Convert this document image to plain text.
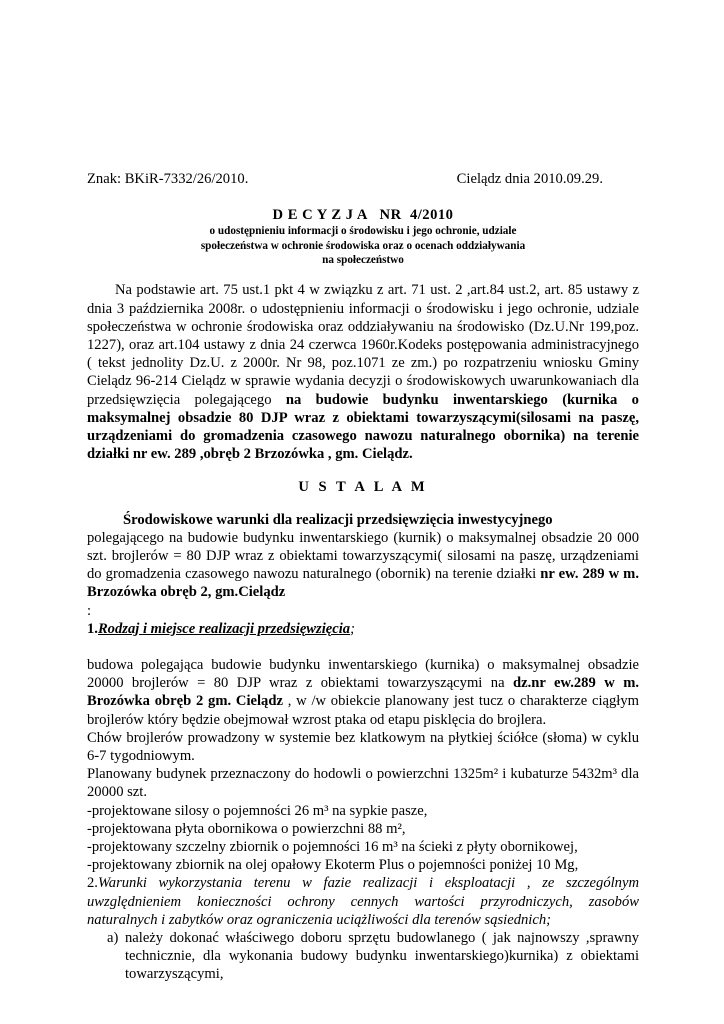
Znak: BKiR-7332/26/2010.	Cielądz dnia 2010.09.29.
D E C Y Z J A   NR  4/2010
o udostępnieniu informacji o środowisku i jego ochronie, udziale
społeczeństwa w ochronie środowiska oraz o ocenach oddziaływania
na społeczeństwo

Na podstawie art. 75 ust.1 pkt 4 w związku z art. 71 ust. 2 ,art.84 ust.2, art. 85 ustawy z dnia 3 października 2008r. o udostępnieniu informacji o środowisku i jego ochronie, udziale społeczeństwa w ochronie środowiska oraz oddziaływaniu na środowisko (Dz.U.Nr 199,poz. 1227), oraz art.104 ustawy z dnia 24 czerwca 1960r.Kodeks postępowania administracyjnego ( tekst jednolity Dz.U. z 2000r. Nr 98, poz.1071 ze zm.) po rozpatrzeniu wniosku Gminy Cielądz 96-214 Cielądz w sprawie wydania decyzji o środowiskowych uwarunkowaniach dla przedsięwzięcia polegającego na budowie budynku inwentarskiego (kurnika o maksymalnej obsadzie 80 DJP wraz z obiektami towarzyszącymi(silosami na paszę, urządzeniami do gromadzenia czasowego nawozu naturalnego obornika) na terenie działki nr ew. 289 ,obręb 2 Brzozówka , gm. Cielądz.

U S T A L A M
Środowiskowe warunki dla realizacji przedsięwzięcia inwestycyjnego

polegającego na budowie budynku inwentarskiego (kurnik) o maksymalnej obsadzie 20 000 szt. brojlerów = 80 DJP wraz z obiektami towarzyszącymi( silosami na paszę, urządzeniami do gromadzenia czasowego nawozu naturalnego (obornik) na terenie działki nr ew. 289 w m. Brzozówka obręb 2, gm.Cielądz

:
1.Rodzaj i miejsce realizacji przedsięwzięcia;

budowa polegająca budowie budynku inwentarskiego (kurnika) o maksymalnej obsadzie 20000 brojlerów = 80 DJP wraz z obiektami towarzyszącymi na dz.nr ew.289 w m. Brozówka obręb 2 gm. Cielądz , w /w obiekcie planowany jest tucz o charakterze ciągłym brojlerów który będzie obejmował wzrost ptaka od etapu pisklęcia do brojlera.

Chów brojlerów prowadzony w systemie bez klatkowym na płytkiej ściółce (słoma) w cyklu 6-7 tygodniowym.

Planowany budynek przeznaczony do hodowli o powierzchni 1325m² i kubaturze 5432m³ dla 20000 szt.

-projektowane silosy o pojemności 26 m³ na sypkie pasze,
-projektowana płyta obornikowa o powierzchni 88 m²,
-projektowany szczelny zbiornik o pojemności 16 m³ na ścieki z płyty obornikowej,
-projektowany zbiornik na olej opałowy Ekoterm Plus o pojemności poniżej 10 Mg,

2.Warunki wykorzystania terenu w fazie realizacji i eksploatacji , ze szczególnym uwzględnieniem konieczności ochrony cennych wartości przyrodniczych, zasobów naturalnych i zabytków oraz ograniczenia uciążliwości dla terenów sąsiednich;

a) należy dokonać właściwego doboru sprzętu budowlanego ( jak najnowszy ,sprawny technicznie, dla wykonania budowy budynku inwentarskiego)kurnika) z obiektami towarzyszącymi,
